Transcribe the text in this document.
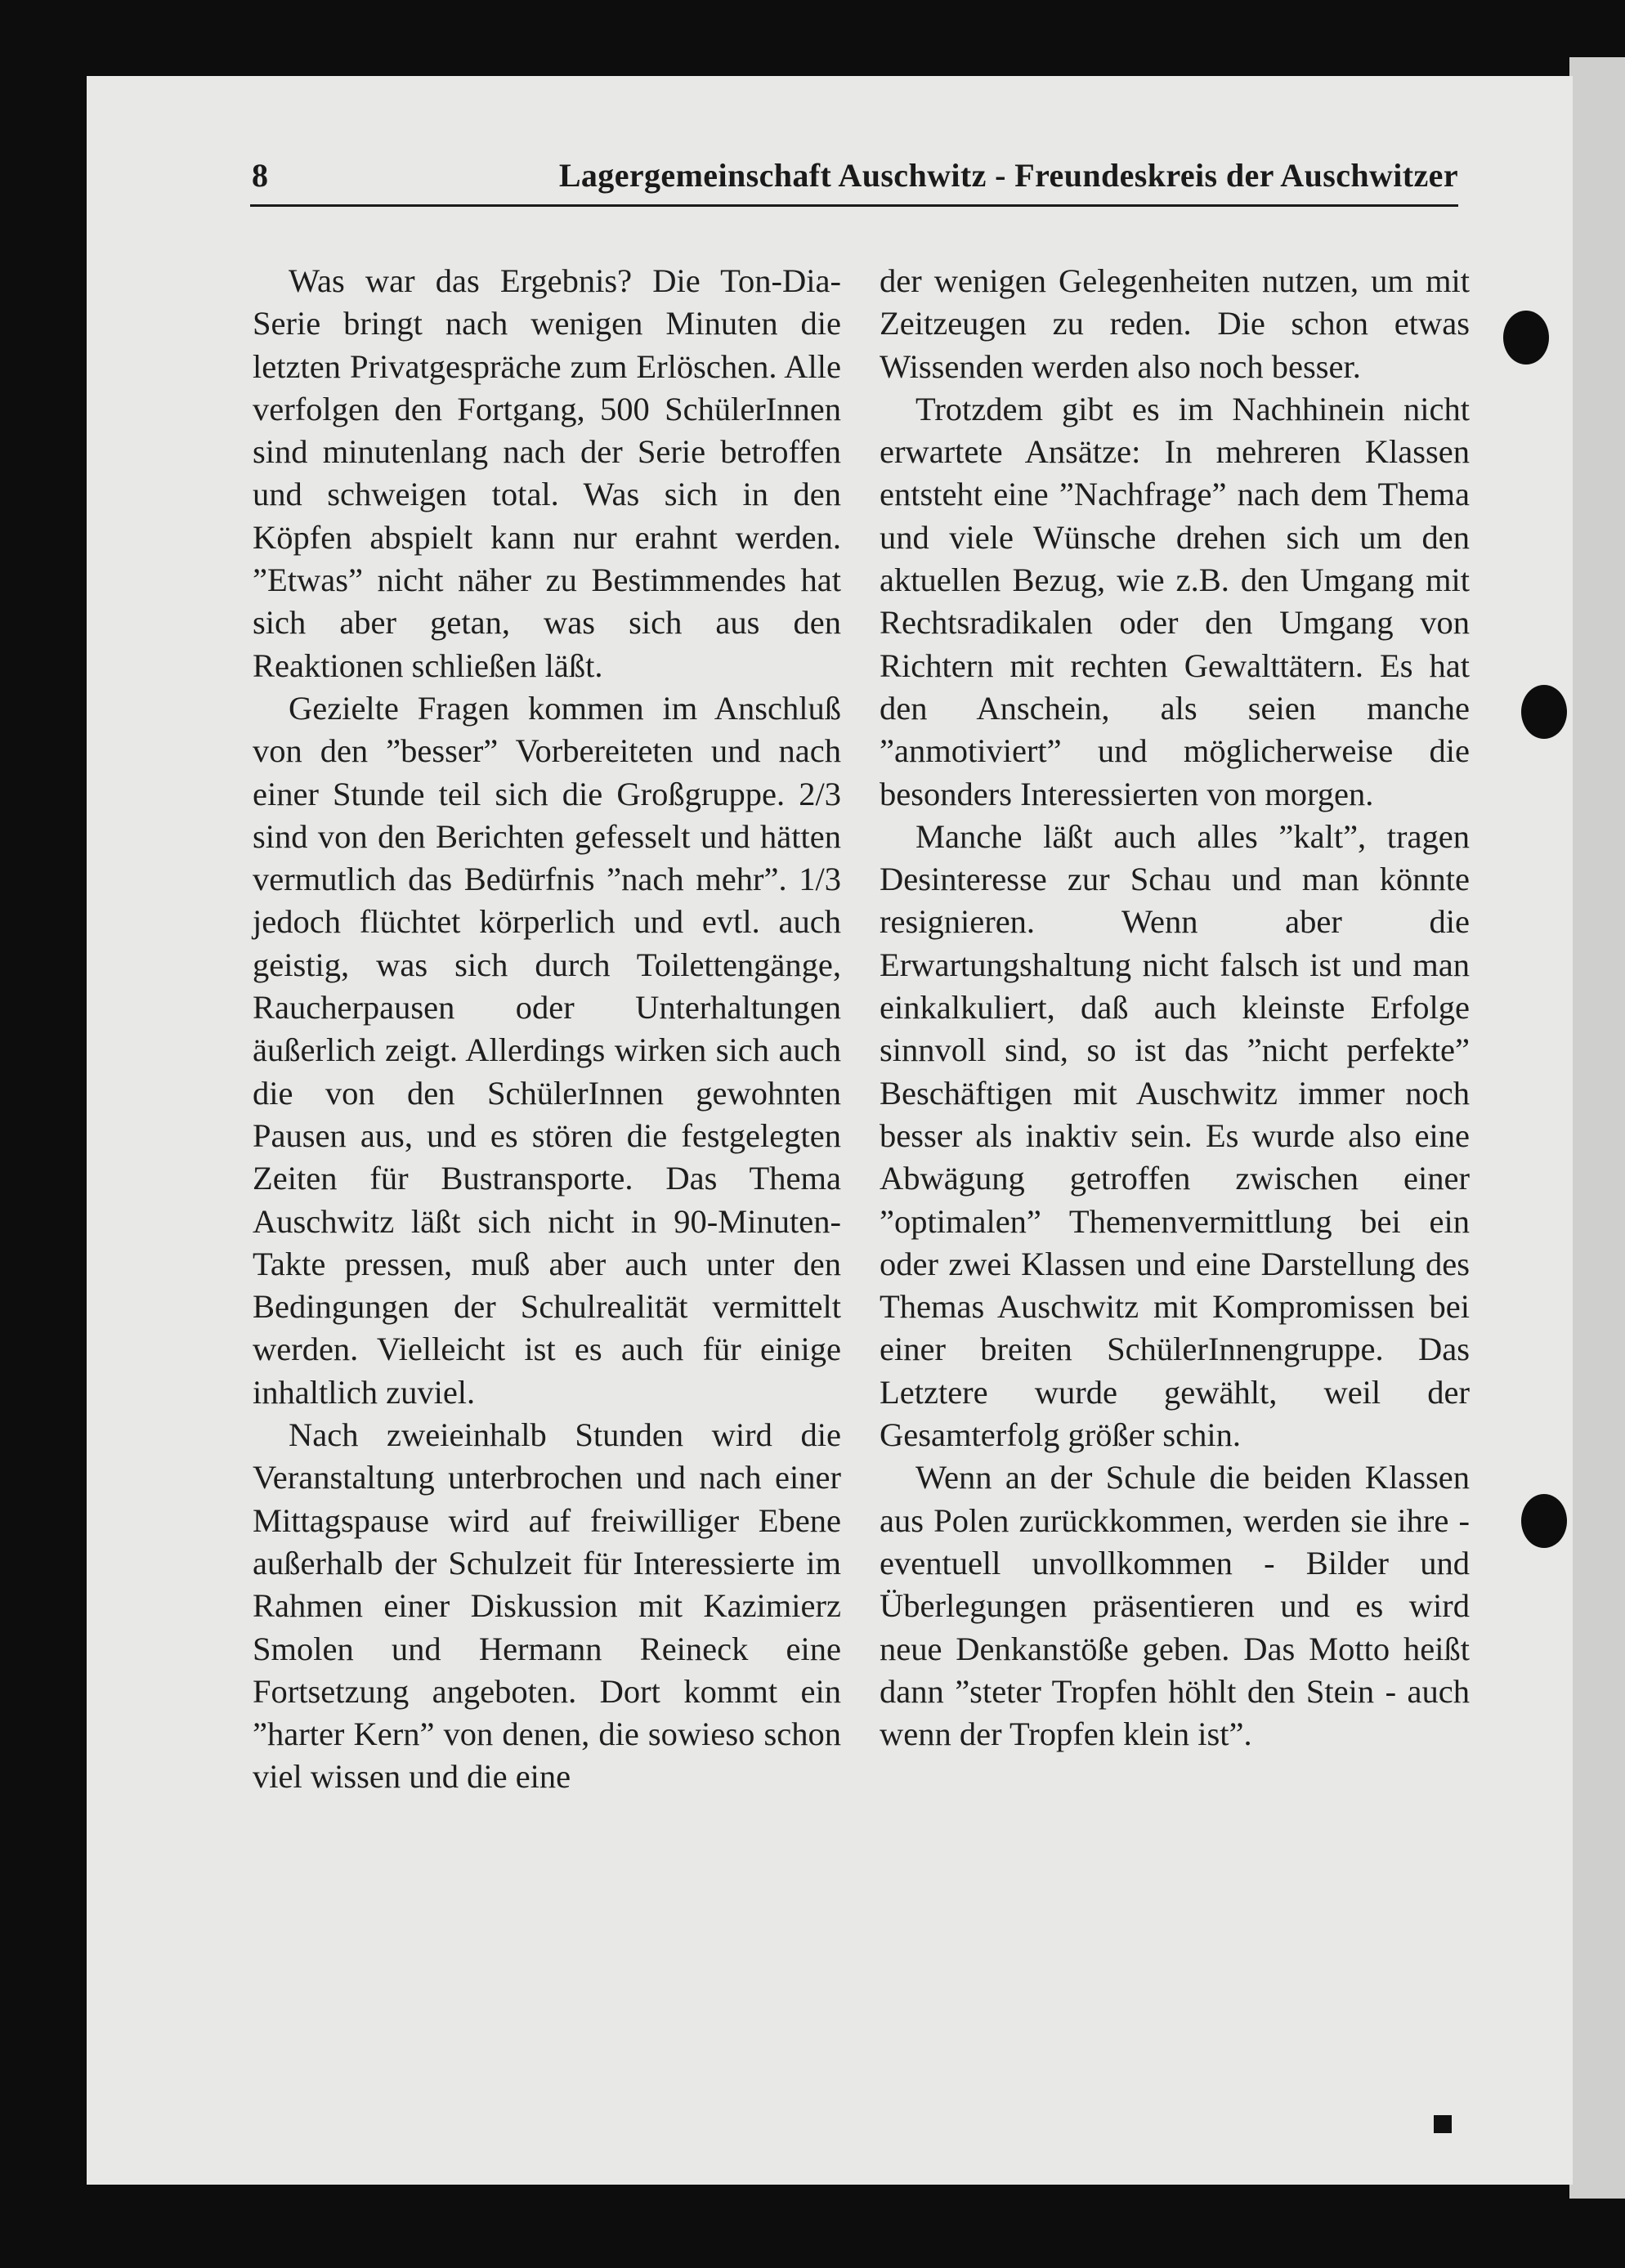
8	Lagergemeinschaft Auschwitz - Freundeskreis der Auschwitzer

Was war das Ergebnis? Die Ton-Dia-Serie bringt nach wenigen Minuten die letzten Privatgespräche zum Erlöschen. Alle verfolgen den Fortgang, 500 SchülerInnen sind minutenlang nach der Serie betroffen und schweigen total. Was sich in den Köpfen abspielt kann nur erahnt werden. ”Etwas” nicht näher zu Bestimmendes hat sich aber getan, was sich aus den Reaktionen schließen läßt.

Gezielte Fragen kommen im Anschluß von den ”besser” Vorbereiteten und nach einer Stunde teil sich die Großgruppe. 2/3 sind von den Berichten gefesselt und hätten vermutlich das Bedürfnis ”nach mehr”. 1/3 jedoch flüchtet körperlich und evtl. auch geistig, was sich durch Toilettengänge, Raucherpausen oder Unterhaltungen äußerlich zeigt. Allerdings wirken sich auch die von den SchülerInnen gewohnten Pausen aus, und es stören die festgelegten Zeiten für Bustransporte. Das Thema Auschwitz läßt sich nicht in 90-Minuten-Takte pressen, muß aber auch unter den Bedingungen der Schulrealität vermittelt werden. Vielleicht ist es auch für einige inhaltlich zuviel.

Nach zweieinhalb Stunden wird die Veranstaltung unterbrochen und nach einer Mittagspause wird auf freiwilliger Ebene außerhalb der Schulzeit für Interessierte im Rahmen einer Diskussion mit Kazimierz Smolen und Hermann Reineck eine Fortsetzung angeboten. Dort kommt ein ”harter Kern” von denen, die sowieso schon viel wissen und die eine

der wenigen Gelegenheiten nutzen, um mit Zeitzeugen zu reden. Die schon etwas Wissenden werden also noch besser.

Trotzdem gibt es im Nachhinein nicht erwartete Ansätze: In mehreren Klassen entsteht eine ”Nachfrage” nach dem Thema und viele Wünsche drehen sich um den aktuellen Bezug, wie z.B. den Umgang mit Rechtsradikalen oder den Umgang von Richtern mit rechten Gewalttätern. Es hat den Anschein, als seien manche ”anmotiviert” und möglicherweise die besonders Interessierten von morgen.

Manche läßt auch alles ”kalt”, tragen Desinteresse zur Schau und man könnte resignieren. Wenn aber die Erwartungshaltung nicht falsch ist und man einkalkuliert, daß auch kleinste Erfolge sinnvoll sind, so ist das ”nicht perfekte” Beschäftigen mit Auschwitz immer noch besser als inaktiv sein. Es wurde also eine Abwägung getroffen zwischen einer ”optimalen” Themenvermittlung bei ein oder zwei Klassen und eine Darstellung des Themas Auschwitz mit Kompromissen bei einer breiten SchülerInnengruppe. Das Letztere wurde gewählt, weil der Gesamterfolg größer schin.

Wenn an der Schule die beiden Klassen aus Polen zurückkommen, werden sie ihre - eventuell unvollkommen - Bilder und Überlegungen präsentieren und es wird neue Denkanstöße geben. Das Motto heißt dann ”steter Tropfen höhlt den Stein - auch wenn der Tropfen klein ist”.
